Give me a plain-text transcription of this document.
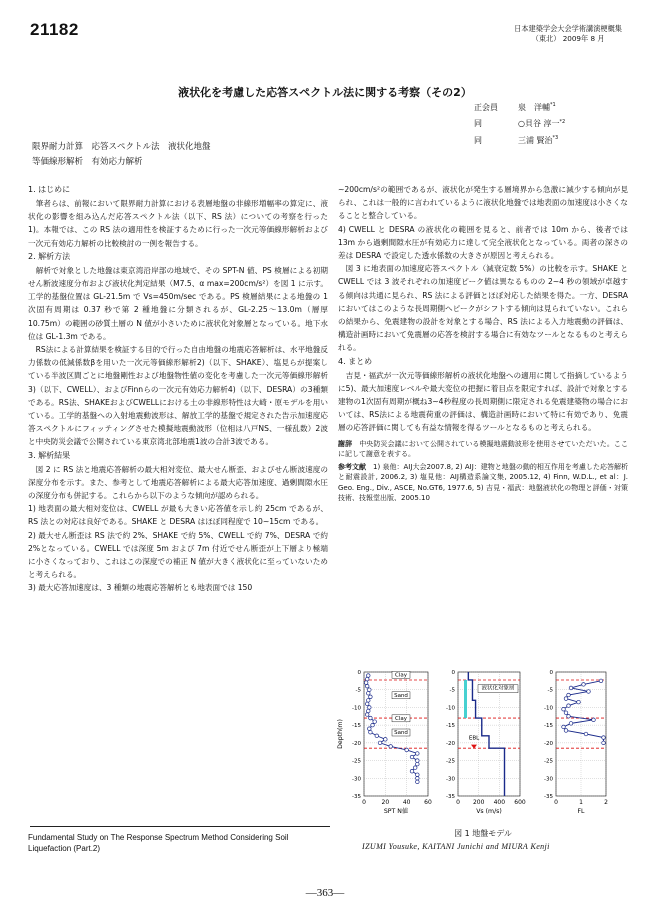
21182	日本建築学会大会学術講演梗概集
（東北） 2009年 8 月
液状化を考慮した応答スペクトル法に関する考察（その2）
正会員	泉　洋輔$^{*1}$
同	○貝谷 淳一$^{*2}$
同	三浦 賢治$^{*3}$
限界耐力計算　応答スペクトル法　液状化地盤
等価線形解析　有効応力解析
1. はじめに

　筆者らは、前報において限界耐力計算における表層地盤の非線形増幅率の算定に、液状化の影響を組み込んだ応答スペクトル法（以下、RS 法）についての考察を行った 1)。本報では、この RS 法の適用性を検証するために行った一次元等価線形解析および一次元有効応力解析の比較検討の一例を報告する。

2. 解析方法

　解析で対象とした地盤は東京湾沿岸部の地域で、その SPT-N 値、PS 検層による初期せん断波速度分布および液状化判定結果（M7.5、α max=200cm/s²）を図 1 に示す。工学的基盤位置は GL-21.5m で Vs=450m/sec である。PS 検層結果による地盤の 1 次固有周期は 0.37 秒で第 2 種地盤に分類されるが、GL-2.25～13.0m（層厚 10.75m）の範囲の砂質土層の N 値が小さいために液状化対象層となっている。地下水位は GL-1.3m である。

　RS法による計算結果を検証する目的で行った自由地盤の地震応答解析は、水平地盤反力係数の低減係数βを用いた一次元等価線形解析2)（以下、SHAKE）、塩見らが提案している半波区間ごとに地盤剛性および地盤物性値の変化を考慮した一次元等価線形解析3)（以下、CWELL）、およびFinnらの一次元有効応力解析4)（以下、DESRA）の3種類である。RS法、SHAKEおよびCWELLにおける土の非線形特性は大崎・原モデルを用いている。工学的基盤への入射地震動波形は、解放工学的基盤で規定された告示加速度応答スペクトルにフィッティングさせた模擬地震動波形（位相は八戸NS、一様乱数）2波と中央防災会議で公開されている東京湾北部地震1波の合計3波である。

3. 解析結果

　図 2 に RS 法と地震応答解析の最大相対変位、最大せん断歪、およびせん断波速度の深度分布を示す。また、参考として地震応答解析による最大応答加速度、過剰間隙水圧の深度分布も併記する。これらから以下のような傾向が認められる。

1) 地表面の最大相対変位は、CWELL が最も大きい応答値を示し約 25cm であるが、RS 法との対応は良好である。SHAKE と DESRA はほぼ同程度で 10~15cm である。

2) 最大せん断歪は RS 法で約 2%、SHAKE で約 5%、CWELL で約 7%、DESRA で約 2%となっている。CWELL では深度 5m および 7m 付近でせん断歪が上下層より極端に小さくなっており、これはこの深度での補正 N 値が大きく液状化に至っていないためと考えられる。

3) 最大応答加速度は、3 種類の地震応答解析とも地表面では 150

~200cm/s²の範囲であるが、液状化が発生する層境界から急激に減少する傾向が見られ、これは一般的に言われているように液状化地盤では地表面の加速度は小さくなることと整合している。

4) CWELL と DESRA の液状化の範囲を見ると、前者では 10m から、後者では 13m から過剰間隙水圧が有効応力に達して完全液状化となっている。両者の深さの差は DESRA で設定した透水係数の大きさが原因と考えられる。

　図 3 に地表面の加速度応答スペクトル（減衰定数 5%）の比較を示す。SHAKE と CWELL では 3 波それぞれの加速度ピーク値は異なるものの 2~4 秒の領域が卓越する傾向は共通に見られ、RS 法による評価とほぼ対応した結果を得た。一方、DESRA においてはこのような長周期側へピークがシフトする傾向は見られていない。これらの結果から、免震建物の設計を対象とする場合、RS 法による入力地震動の評価は、構造計画時において免震層の応答を検討する場合に有効なツールとなるものと考えられる。

4. まとめ

　吉見・福武が一次元等価線形解析の液状化地盤への適用に関して指摘しているように5)、最大加速度レベルや最大変位の把握に着目点を限定すれば、設計で対象とする建物の1次固有周期が概ね3~4秒程度の長周期側に限定される免震建築物の場合においては、RS法による地震荷重の評価は、構造計画時において特に有効であり、免震層の応答評価に関しても有益な情報を得るツールとなるものと考えられる。

謝辞　中央防災会議において公開されている模擬地震動波形を使用させていただいた。ここに記して謝意を表する。
参考文献　1) 泉他：AIJ大会2007.8, 2) AIJ：建物と地盤の動的相互作用を考慮した応答解析と耐震設計, 2006.2, 3) 塩見他：AIJ構造系論文集, 2005.12, 4) Finn, W.D.L., et al：J. Geo. Eng., Div., ASCE, No.GT6, 1977.6, 5) 吉見・福武：地盤液状化の物理と評価・対策技術、技報堂出版、2005.10
0	20 40 60
0
-5
-10
-15
-20
-25
-30
-35
SPT N値
0 200 400 600
0
-5
-10
-15
-20
-25
-30
-35
Vs (m/s)
0	1	2
0
-5
-10
-15
-20
-25
-30
-35
FL
Depth(m)
Clay
Sand
Clay
Sand
液状化対象層
EBL
図 1 地盤モデル
Fundamental Study on The Response Spectrum Method Considering Soil Liquefaction (Part.2)	IZUMI Yousuke, KAITANI Junichi and MIURA Kenji
—363—
